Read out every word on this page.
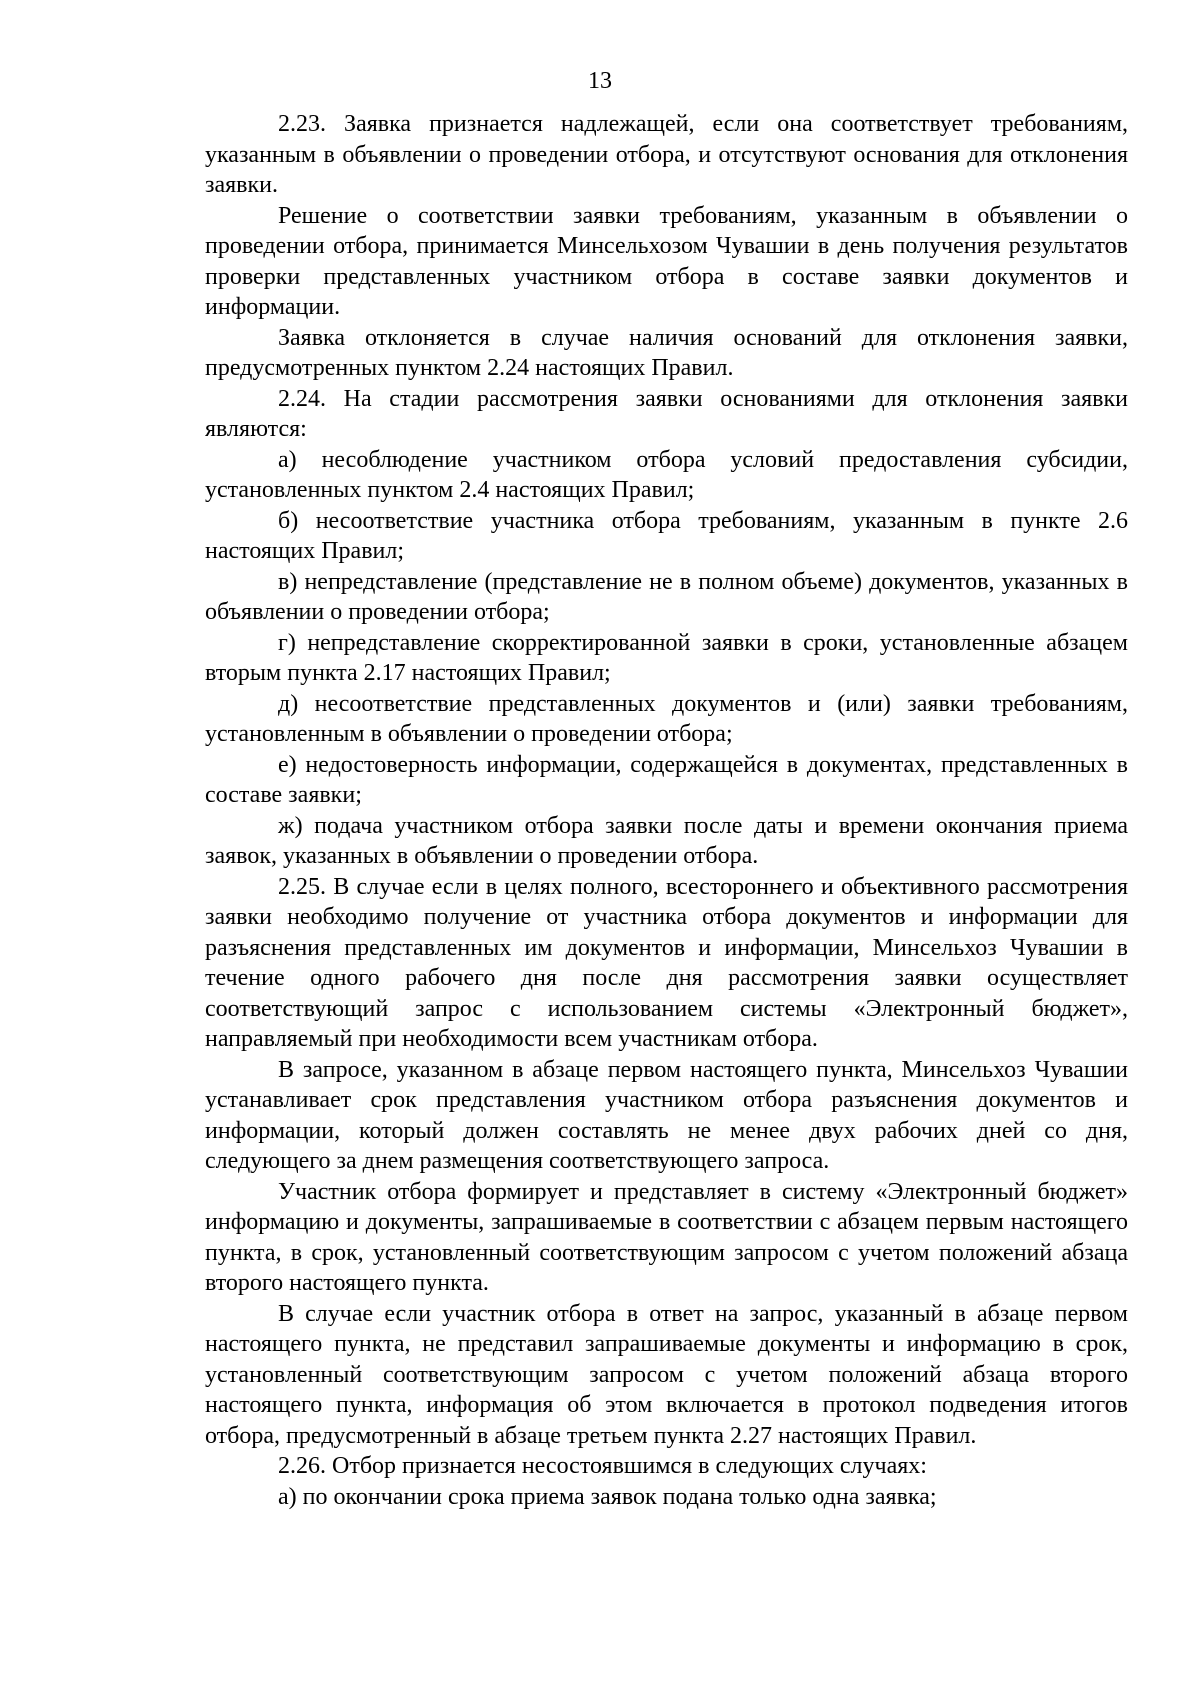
13

2.23. Заявка признается надлежащей, если она соответствует требованиям, указанным в объявлении о проведении отбора, и отсутствуют основания для отклонения заявки.

Решение о соответствии заявки требованиям, указанным в объявлении о проведении отбора, принимается Минсельхозом Чувашии в день получения результатов проверки представленных участником отбора в составе заявки документов и информации.

Заявка отклоняется в случае наличия оснований для отклонения заявки, предусмотренных пунктом 2.24 настоящих Правил.

2.24. На стадии рассмотрения заявки основаниями для отклонения заявки являются:

а) несоблюдение участником отбора условий предоставления субсидии, установленных пунктом 2.4 настоящих Правил;

б) несоответствие участника отбора требованиям, указанным в пункте 2.6 настоящих Правил;

в) непредставление (представление не в полном объеме) документов, указанных в объявлении о проведении отбора;

г) непредставление скорректированной заявки в сроки, установленные абзацем вторым пункта 2.17 настоящих Правил;

д) несоответствие представленных документов и (или) заявки требованиям, установленным в объявлении о проведении отбора;

е) недостоверность информации, содержащейся в документах, представленных в составе заявки;

ж) подача участником отбора заявки после даты и времени окончания приема заявок, указанных в объявлении о проведении отбора.

2.25. В случае если в целях полного, всестороннего и объективного рассмотрения заявки необходимо получение от участника отбора документов и информации для разъяснения представленных им документов и информации, Минсельхоз Чувашии в течение одного рабочего дня после дня рассмотрения заявки осуществляет соответствующий запрос с использованием системы «Электронный бюджет», направляемый при необходимости всем участникам отбора.

В запросе, указанном в абзаце первом настоящего пункта, Минсельхоз Чувашии устанавливает срок представления участником отбора разъяснения документов и информации, который должен составлять не менее двух рабочих дней со дня, следующего за днем размещения соответствующего запроса.

Участник отбора формирует и представляет в систему «Электронный бюджет» информацию и документы, запрашиваемые в соответствии с абзацем первым настоящего пункта, в срок, установленный соответствующим запросом с учетом положений абзаца второго настоящего пункта.

В случае если участник отбора в ответ на запрос, указанный в абзаце первом настоящего пункта, не представил запрашиваемые документы и информацию в срок, установленный соответствующим запросом с учетом положений абзаца второго настоящего пункта, информация об этом включается в протокол подведения итогов отбора, предусмотренный в абзаце третьем пункта 2.27 настоящих Правил.

2.26. Отбор признается несостоявшимся в следующих случаях:

а) по окончании срока приема заявок подана только одна заявка;
